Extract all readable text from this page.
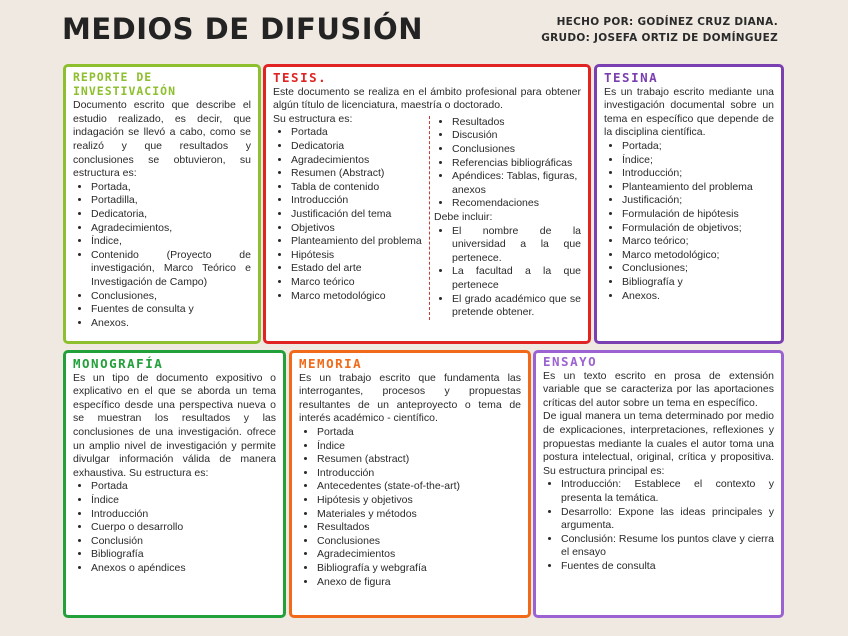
MEDIOS DE DIFUSIÓN	HECHO POR: GODÍNEZ CRUZ DIANA.
GRUDO: JOSEFA ORTIZ DE DOMÍNGUEZ
REPORTE DE INVESTIVACIÓN

Documento escrito que describe el estudio realizado, es decir, que indagación se llevó a cabo, como se realizó y que resultados y conclusiones se obtuvieron, su estructura es:

• Portada,
• Portadilla,
• Dedicatoria,
• Agradecimientos,
• Índice,
• Contenido (Proyecto de investigación, Marco Teórico e Investigación de Campo)
• Conclusiones,
• Fuentes de consulta y
• Anexos.
TESIS.

Este documento se realiza en el ámbito profesional para obtener algún título de licenciatura, maestría o doctorado.

Su estructura es:
• Portada
• Dedicatoria
• Agradecimientos
• Resumen (Abstract)
• Tabla de contenido
• Introducción
• Justificación del tema
• Objetivos
• Planteamiento del problema
• Hipótesis
• Estado del arte
• Marco teórico
• Marco metodológico
• Resultados
• Discusión
• Conclusiones
• Referencias bibliográficas
• Apéndices: Tablas, figuras, anexos
• Recomendaciones
Debe incluir:
• El nombre de la universidad a la que pertenece.
• La facultad a la que pertenece
• El grado académico que se pretende obtener.
TESINA

Es un trabajo escrito mediante una investigación documental sobre un tema en específico que depende de la disciplina científica.

• Portada;
• Índice;
• Introducción;
• Planteamiento del problema
• Justificación;
• Formulación de hipótesis
• Formulación de objetivos;
• Marco teórico;
• Marco metodológico;
• Conclusiones;
• Bibliografía y
• Anexos.
MONOGRAFÍA

Es un tipo de documento expositivo o explicativo en el que se aborda un tema específico desde una perspectiva nueva o se muestran los resultados y las conclusiones de una investigación. ofrece un amplio nivel de investigación y permite divulgar información válida de manera exhaustiva. Su estructura es:

• Portada
• Índice
• Introducción
• Cuerpo o desarrollo
• Conclusión
• Bibliografía
• Anexos o apéndices
MEMORIA

Es un trabajo escrito que fundamenta las interrogantes, procesos y propuestas resultantes de un anteproyecto o tema de interés académico - científico.

• Portada
• Índice
• Resumen (abstract)
• Introducción
• Antecedentes (state-of-the-art)
• Hipótesis y objetivos
• Materiales y métodos
• Resultados
• Conclusiones
• Agradecimientos
• Bibliografía y webgrafía
• Anexo de figura
ENSAYO

Es un texto escrito en prosa de extensión variable que se caracteriza por las aportaciones críticas del autor sobre un tema en específico.

De igual manera un tema determinado por medio de explicaciones, interpretaciones, reflexiones y propuestas mediante la cuales el autor toma una postura intelectual, original, crítica y propositiva. Su estructura principal es:

• Introducción: Establece el contexto y presenta la temática.
• Desarrollo: Expone las ideas principales y argumenta.
• Conclusión: Resume los puntos clave y cierra el ensayo
• Fuentes de consulta
